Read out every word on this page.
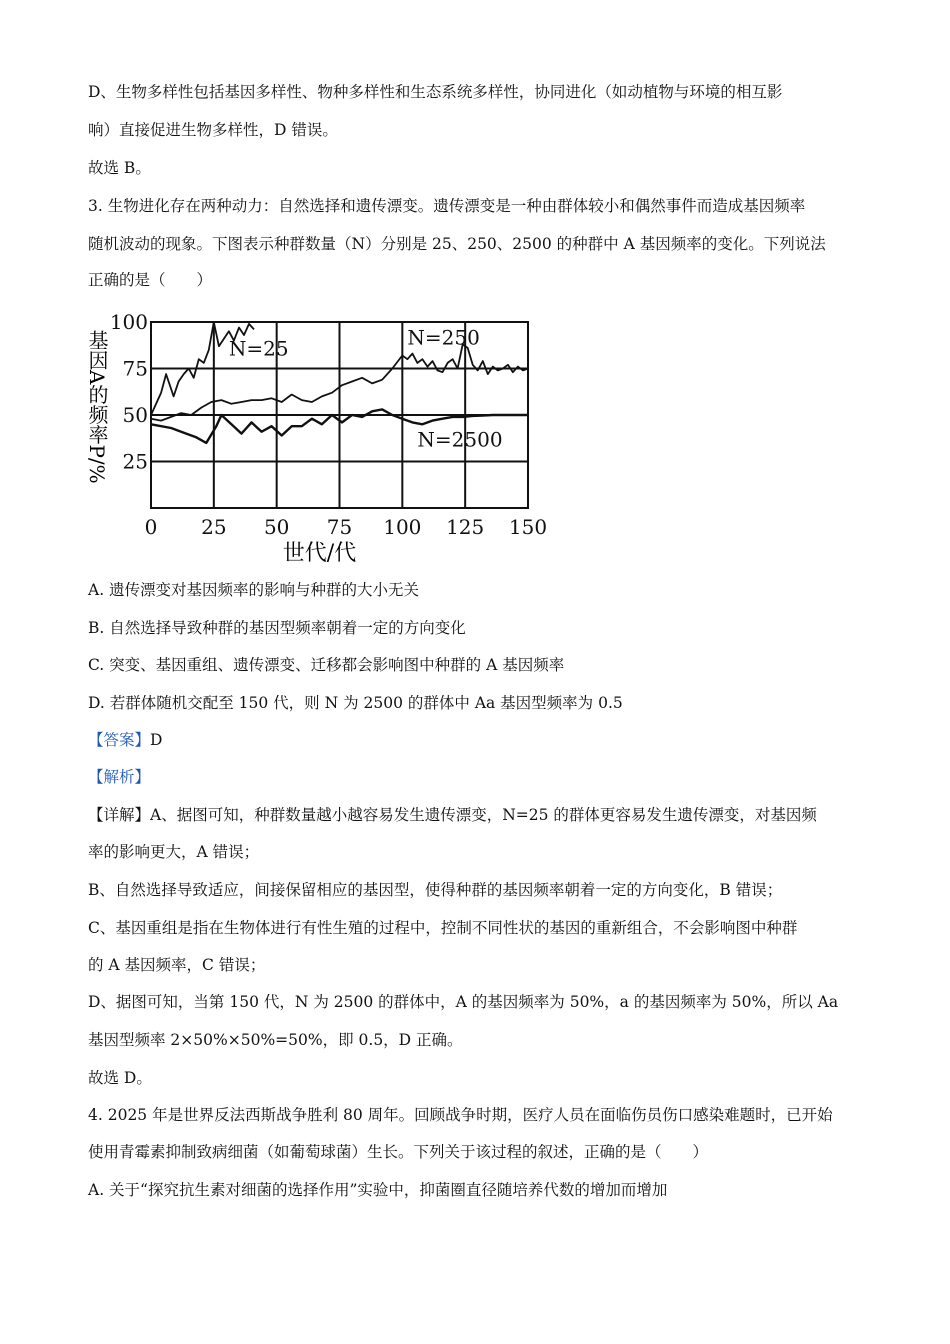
D、生物多样性包括基因多样性、物种多样性和生态系统多样性，协同进化（如动植物与环境的相互影
响）直接促进生物多样性，D 错误。
故选 B。
3. 生物进化存在两种动力：自然选择和遗传漂变。遗传漂变是一种由群体较小和偶然事件而造成基因频率
随机波动的现象。下图表示种群数量（N）分别是 25、250、2500 的种群中 A 基因频率的变化。下列说法
正确的是（　　）
0 25 50 75 100 125 150
25
50
75
100
N=25	N=250
N=2500
基因A的频率P/%
世代/代
A. 遗传漂变对基因频率的影响与种群的大小无关
B. 自然选择导致种群的基因型频率朝着一定的方向变化
C. 突变、基因重组、遗传漂变、迁移都会影响图中种群的 A 基因频率
D. 若群体随机交配至 150 代，则 N 为 2500 的群体中 Aa 基因型频率为 0.5
【答案】D
【解析】
【详解】A、据图可知，种群数量越小越容易发生遗传漂变，N=25 的群体更容易发生遗传漂变，对基因频
率的影响更大，A 错误；
B、自然选择导致适应，间接保留相应的基因型，使得种群的基因频率朝着一定的方向变化，B 错误；
C、基因重组是指在生物体进行有性生殖的过程中，控制不同性状的基因的重新组合，不会影响图中种群
的 A 基因频率，C 错误；
D、据图可知，当第 150 代，N 为 2500 的群体中，A 的基因频率为 50%，a 的基因频率为 50%，所以 Aa
基因型频率 2×50%×50%=50%，即 0.5，D 正确。
故选 D。
4. 2025 年是世界反法西斯战争胜利 80 周年。回顾战争时期，医疗人员在面临伤员伤口感染难题时，已开始
使用青霉素抑制致病细菌（如葡萄球菌）生长。下列关于该过程的叙述，正确的是（　　）
A. 关于“探究抗生素对细菌的选择作用”实验中，抑菌圈直径随培养代数的增加而增加
